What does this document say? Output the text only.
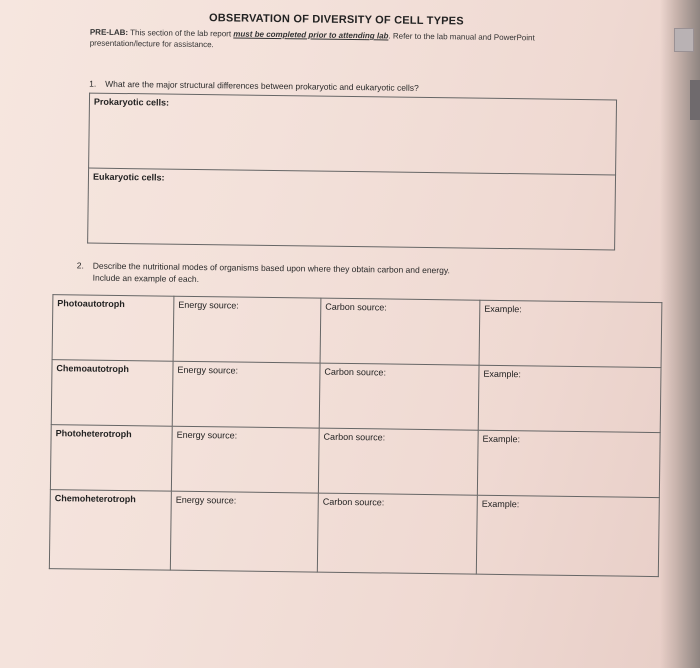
OBSERVATION OF DIVERSITY OF CELL TYPES
PRE-LAB: This section of the lab report must be completed prior to attending lab. Refer to the lab manual and PowerPoint presentation/lecture for assistance.
1. What are the major structural differences between prokaryotic and eukaryotic cells?
Prokaryotic cells:
Eukaryotic cells:
2. Describe the nutritional modes of organisms based upon where they obtain carbon and energy.
Include an example of each.
Photoautotroph	Energy source:	Carbon source:	Example:
Chemoautotroph	Energy source:	Carbon source:	Example:
Photoheterotroph	Energy source:	Carbon source:	Example:
Chemoheterotroph	Energy source:	Carbon source:	Example:
